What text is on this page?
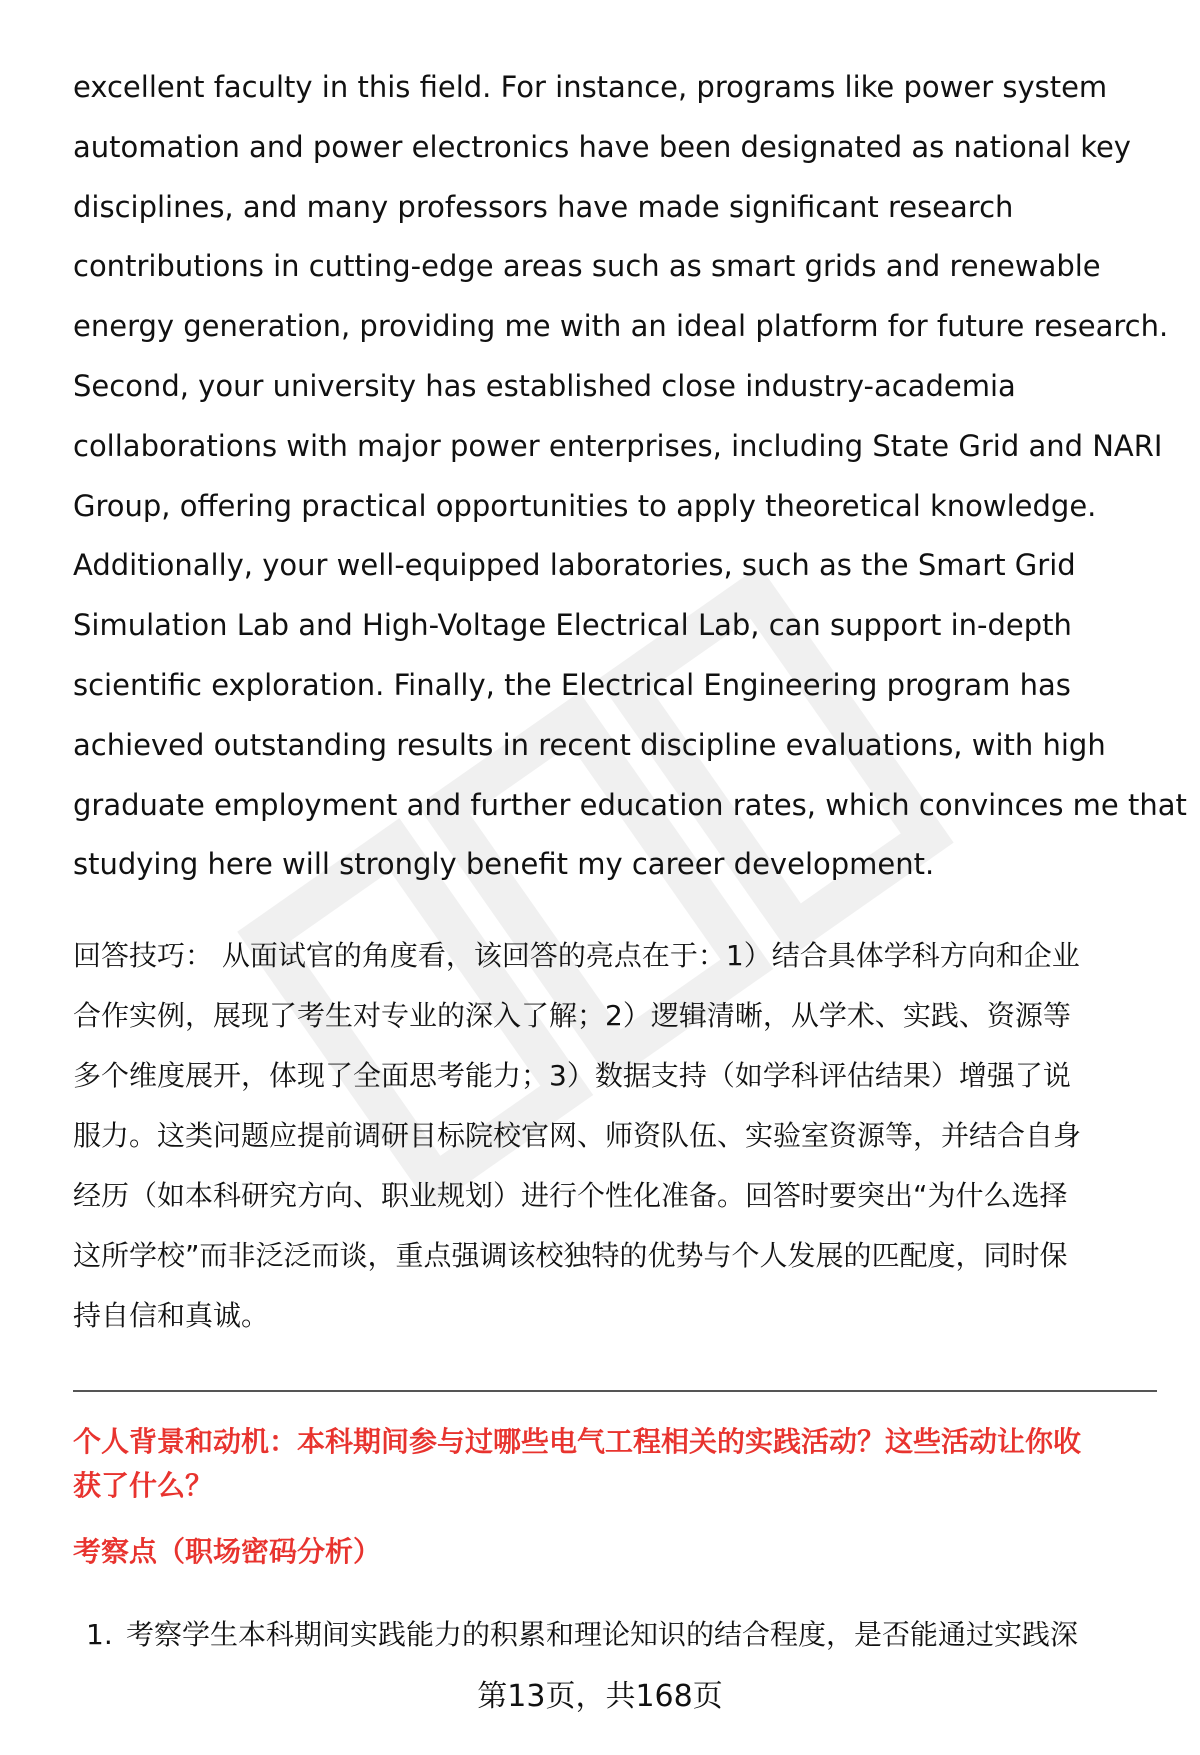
excellent faculty in this field. For instance, programs like power system
automation and power electronics have been designated as national key
disciplines, and many professors have made significant research
contributions in cutting-edge areas such as smart grids and renewable
energy generation, providing me with an ideal platform for future research.
Second, your university has established close industry-academia
collaborations with major power enterprises, including State Grid and NARI
Group, offering practical opportunities to apply theoretical knowledge.
Additionally, your well-equipped laboratories, such as the Smart Grid
Simulation Lab and High-Voltage Electrical Lab, can support in-depth
scientific exploration. Finally, the Electrical Engineering program has
achieved outstanding results in recent discipline evaluations, with high
graduate employment and further education rates, which convinces me that
studying here will strongly benefit my career development.
回答技巧： 从面试官的角度看，该回答的亮点在于：1）结合具体学科方向和企业
合作实例，展现了考生对专业的深入了解；2）逻辑清晰，从学术、实践、资源等
多个维度展开，体现了全面思考能力；3）数据支持（如学科评估结果）增强了说
服力。这类问题应提前调研目标院校官网、师资队伍、实验室资源等，并结合自身
经历（如本科研究方向、职业规划）进行个性化准备。回答时要突出“为什么选择
这所学校”而非泛泛而谈，重点强调该校独特的优势与个人发展的匹配度，同时保
持自信和真诚。
个人背景和动机：本科期间参与过哪些电气工程相关的实践活动？这些活动让你收
获了什么？
考察点（职场密码分析）
1. 考察学生本科期间实践能力的积累和理论知识的结合程度，是否能通过实践深
第13页，共168页
